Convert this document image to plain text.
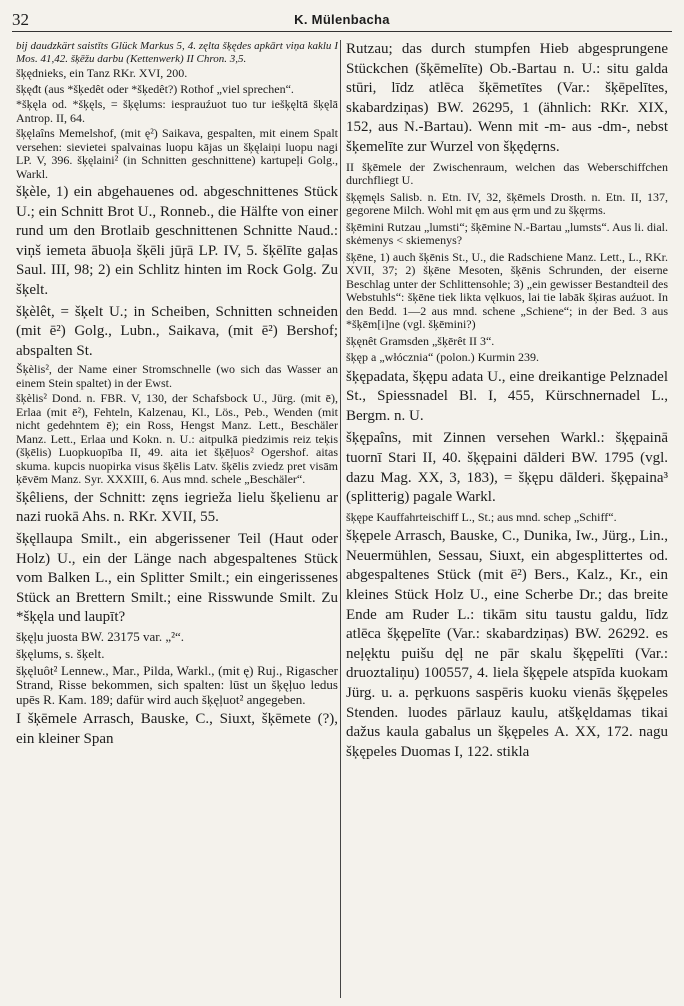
32	K. Mülenbacha

bij daudzkärt saistīts Glück Markus 5, 4. zęlta šķędes apkārt viņa kaklu I Mos. 41,42. šķēžu darbu (Kettenwerk) II Chron. 3,5.

šķędnieks, ein Tanz RKr. XVI, 200.

šķęđt (aus *šķedêt oder *šķedêt?) Rothof „viel sprechen“.

*šķęla od. *šķęls, = šķęlums: iesprauźuot tuo tur iešķęltā šķęlā Antrop. II, 64.

šķęlaîns Memelshof, (mit ę²) Saikava, gespalten, mit einem Spalt versehen: sievietei spalvainas luopu kājas un šķęlaiņi luopu nagi LP. V, 396. šķęlaini² (in Schnitten geschnittene) kartupeļi Golg., Warkl.

šķèle, 1) ein abgehauenes od. abgeschnittenes Stück U.; ein Schnitt Brot U., Ronneb., die Hälfte von einer rund um den Brotlaib geschnittenen Schnitte Naud.: viņš iemeta ābuoļa šķēli jūŗā LP. IV, 5. šķēlīte gaļas Saul. III, 98; 2) ein Schlitz hinten im Rock Golg. Zu šķelt.

šķèlêt, = šķelt U.; in Scheiben, Schnitten schneiden (mit ē²) Golg., Lubn., Saikava, (mit ē²) Bershof; abspalten St.

Šķèlis², der Name einer Stromschnelle (wo sich das Wasser an einem Stein spaltet) in der Ewst.

šķèlis² Dond. n. FBR. V, 130, der Schafsbock U., Jürg. (mit ē), Erlaa (mit ē²), Fehteln, Kalzenau, Kl., Lös., Peb., Wenden (mit nicht gedehntem ē); ein Ross, Hengst Manz. Lett., Beschäler Manz. Lett., Erlaa und Kokn. n. U.: aitpulkā piedzimis reiz teķis (šķēlis) Luopkuopība II, 49. aita iet šķēļuos² Ogershof. aitas skuma. kupcis nuopirka visus šķēlis Latv. šķēlis zviedz pret visām ķēvēm Manz. Syr. XXXIII, 6. Aus mnd. schele „Beschäler“.

šķêliens, der Schnitt: zęns iegrieža lielu šķelienu ar nazi ruokā Ahs. n. RKr. XVII, 55.

šķęllaupa Smilt., ein abgerissener Teil (Haut oder Holz) U., ein der Länge nach abgespaltenes Stück vom Balken L., ein Splitter Smilt.; ein eingerissenes Stück an Brettern Smilt.; eine Risswunde Smilt. Zu *šķęla und laupīt?

šķęļu juosta BW. 23175 var. „²“.

šķęlums, s. šķelt.

šķęluôt² Lennew., Mar., Pilda, Warkl., (mit ę) Ruj., Rigascher Strand, Risse bekommen, sich spalten: lūst un šķęļuo ledus upēs R. Kam. 189; dafür wird auch šķęļuot² angegeben.

I šķēmele Arrasch, Bauske, C., Siuxt, šķēmete (?), ein kleiner Span

Rutzau; das durch stumpfen Hieb abgesprungene Stückchen (šķēmelīte) Ob.-Bartau n. U.: situ galda stūri, līdz atlēca šķēmetītes (Var.: šķēpelītes, skabardziņas) BW. 26295, 1 (ähnlich: RKr. XIX, 152, aus N.-Bartau). Wenn mit -m- aus -dm-, nebst šķemelīte zur Wurzel von šķędęrns.

II šķēmele der Zwischenraum, welchen das Weberschiffchen durchfliegt U.

šķęmęls Salisb. n. Etn. IV, 32, šķēmels Drosth. n. Etn. II, 137, gegorene Milch. Wohl mit ęm aus ęrm und zu šķęrms.

šķēmini Rutzau „lumsti“; šķēmine N.-Bartau „lumsts“. Aus li. dial. skėmenys < skiemenys?

šķēne, 1) auch šķēnis St., U., die Radschiene Manz. Lett., L., RKr. XVII, 37; 2) šķēne Mesoten, šķēnis Schrunden, der eiserne Beschlag unter der Schlittensohle; 3) „ein gewisser Bestandteil des Webstuhls“: šķēne tiek likta vęlkuos, lai tie labāk šķiras auźuot. In den Bedd. 1—2 aus mnd. schene „Schiene“; in der Bed. 3 aus *šķēm[i]ne (vgl. šķēmini?)

šķęnêt Gramsden „šķērêt II 3“.

šķęp a „włócznia“ (polon.) Kurmin 239.

šķępadata, šķępu adata U., eine dreikantige Pelznadel St., Spiessnadel Bl. I, 455, Kürschnernadel L., Bergm. n. U.

šķępaîns, mit Zinnen versehen Warkl.: šķępainā tuornī Stari II, 40. šķępaini dālderi BW. 1795 (vgl. dazu Mag. XX, 3, 183), = šķępu dālderi. šķępaina³ (splitterig) pagale Warkl.

šķępe Kauffahrteischiff L., St.; aus mnd. schep „Schiff“.

šķępele Arrasch, Bauske, C., Dunika, Iw., Jürg., Lin., Neuermühlen, Sessau, Siuxt, ein abgesplittertes od. abgespaltenes Stück (mit ē²) Bers., Kalz., Kr., ein kleines Stück Holz U., eine Scherbe Dr.; das breite Ende am Ruder L.: tikām situ taustu galdu, līdz atlēca šķępelīte (Var.: skabardziņas) BW. 26292. es neļęktu puišu dęļ ne pār skalu šķępelīti (Var.: druoztaliņu) 100557, 4. liela šķępele atspīda kuokam Jürg. u. a. pęrkuons saspēris kuoku vienās šķępeles Stenden. luodes pārlauz kaulu, atšķęldamas tikai dažus kaula gabalus un šķępeles A. XX, 172. nagu šķępeles Duomas I, 122. stikla
